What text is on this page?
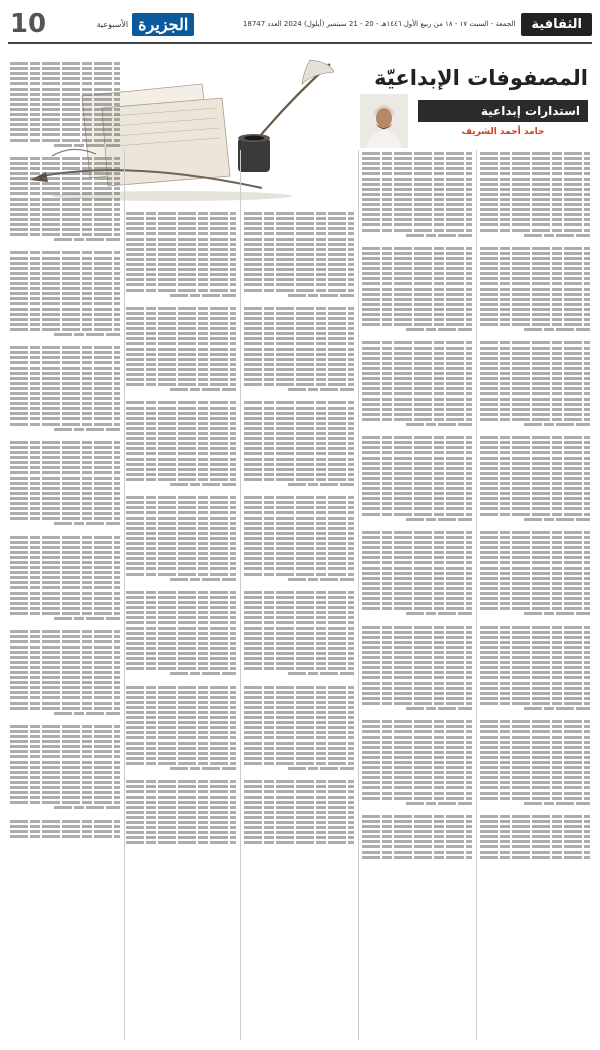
الثقافية
الجمعة - السبت ١٧ - ١٨ من ربيع الأول ١٤٤٦هـ - 20 - 21 سبتمبر (أيلول) 2024 العدد 18747
الجزيرة
الأسبوعية
10
المصفوفات الإبداعيّة
استدارات إبداعية
حامد أحمد الشريف
